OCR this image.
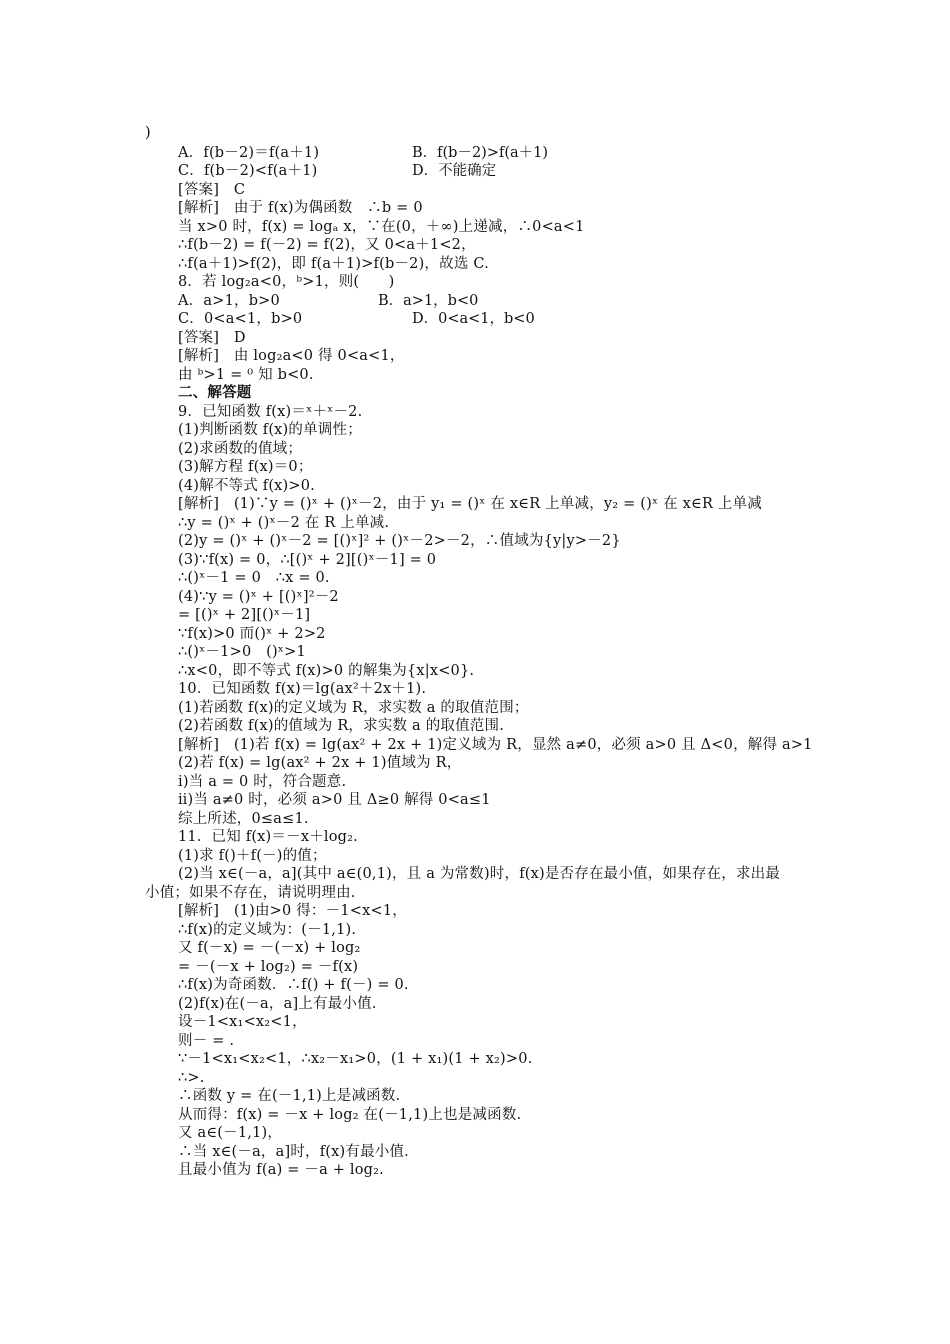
)
A．f(b－2)＝f(a＋1)	B．f(b－2)>f(a＋1)
C．f(b－2)<f(a＋1)	D．不能确定
[答案]　C
[解析]　由于 f(x)为偶函数　∴b = 0
当 x>0 时，f(x) = logₐ x，∵在(0，＋∞)上递减，∴0<a<1
∴f(b－2) = f(－2) = f(2)，又 0<a＋1<2，
∴f(a＋1)>f(2)，即 f(a＋1)>f(b－2)，故选 C.
8．若 log₂a<0，ᵇ>1，则(　　)
A．a>1，b>0	B．a>1，b<0
C．0<a<1，b>0	D．0<a<1，b<0
[答案]　D
[解析]　由 log₂a<0 得 0<a<1，
由 ᵇ>1 = ⁰ 知 b<0.
二、解答题
9．已知函数 f(x)＝ˣ＋ˣ－2.
(1)判断函数 f(x)的单调性；
(2)求函数的值域；
(3)解方程 f(x)＝0；
(4)解不等式 f(x)>0.
[解析]　(1)∵y = ()ˣ + ()ˣ－2，由于 y₁ = ()ˣ 在 x∈R 上单减，y₂ = ()ˣ 在 x∈R 上单减
∴y = ()ˣ + ()ˣ－2 在 R 上单减.
(2)y = ()ˣ + ()ˣ－2 = [()ˣ]² + ()ˣ－2>－2，∴值域为{y|y>－2}
(3)∵f(x) = 0，∴[()ˣ + 2][()ˣ－1] = 0
∴()ˣ－1 = 0　∴x = 0.
(4)∵y = ()ˣ + [()ˣ]²－2
= [()ˣ + 2][()ˣ－1]
∵f(x)>0 而()ˣ + 2>2
∴()ˣ－1>0　()ˣ>1
∴x<0，即不等式 f(x)>0 的解集为{x|x<0}.
10．已知函数 f(x)＝lg(ax²＋2x＋1).
(1)若函数 f(x)的定义域为 R，求实数 a 的取值范围；
(2)若函数 f(x)的值域为 R，求实数 a 的取值范围.
[解析]　(1)若 f(x) = lg(ax² + 2x + 1)定义域为 R，显然 a≠0，必须 a>0 且 Δ<0，解得 a>1
(2)若 f(x) = lg(ax² + 2x + 1)值域为 R，
ⅰ)当 a = 0 时，符合题意.
ⅱ)当 a≠0 时，必须 a>0 且 Δ≥0 解得 0<a≤1
综上所述，0≤a≤1.
11．已知 f(x)＝－x＋log₂.
(1)求 f()＋f(－)的值；
(2)当 x∈(－a，a](其中 a∈(0,1)，且 a 为常数)时，f(x)是否存在最小值，如果存在，求出最
小值；如果不存在，请说明理由.
[解析]　(1)由>0 得：－1<x<1，
∴f(x)的定义域为：(－1,1).
又 f(－x) = －(－x) + log₂
= －(－x + log₂) = －f(x)
∴f(x)为奇函数．∴f() + f(－) = 0.
(2)f(x)在(－a，a]上有最小值.
设－1<x₁<x₂<1，
则－ = .
∵－1<x₁<x₂<1，∴x₂－x₁>0，(1 + x₁)(1 + x₂)>0.
∴>.
∴函数 y = 在(－1,1)上是减函数.
从而得：f(x) = －x + log₂ 在(－1,1)上也是减函数.
又 a∈(－1,1)，
∴当 x∈(－a，a]时，f(x)有最小值.
且最小值为 f(a) = －a + log₂.
